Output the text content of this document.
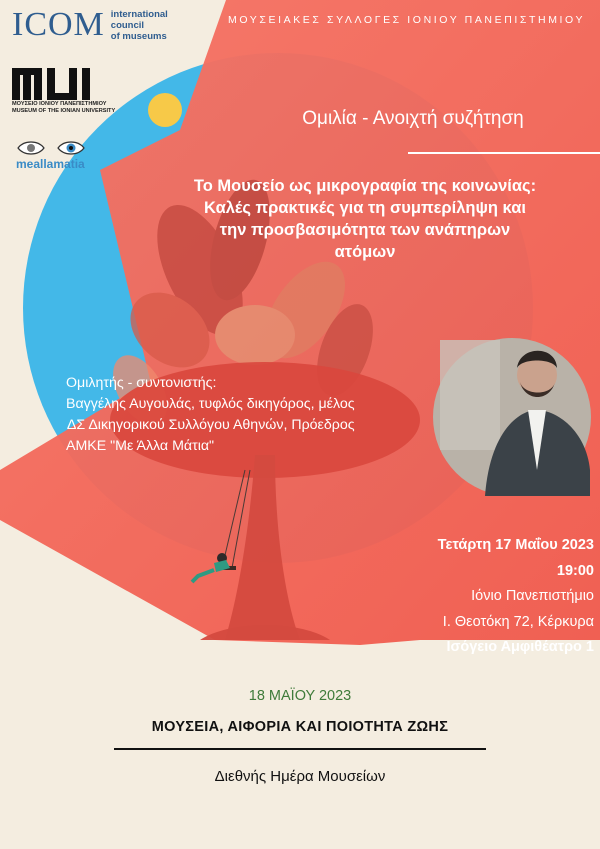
ΜΟΥΣΕΙΑΚΕΣ ΣΥΛΛΟΓΕΣ ΙΟΝΙΟΥ ΠΑΝΕΠΙΣΤΗΜΙΟΥ
ICOM international
council
of museums
ΜΟΥΣΕΙΟ ΙΟΝΙΟΥ ΠΑΝΕΠΙΣΤΗΜΙΟΥ
MUSEUM OF THE IONIAN UNIVERSITY
meallamatia
Ομιλία - Ανοιχτή συζήτηση
Το Μουσείο ως μικρογραφία της κοινωνίας:
Καλές πρακτικές για τη συμπερίληψη και
την προσβασιμότητα των ανάπηρων
ατόμων
Ομιλητής - συντονιστής:
Βαγγέλης Αυγουλάς, τυφλός δικηγόρος, μέλος
ΔΣ Δικηγορικού Συλλόγου Αθηνών, Πρόεδρος
ΑΜΚΕ "Με Άλλα Μάτια"
Τετάρτη 17 Μαΐου 2023
19:00
Ιόνιο Πανεπιστήμιο
Ι. Θεοτόκη 72, Κέρκυρα
Ισόγειο Αμφιθέατρο 1
18 ΜΑΪΟΥ 2023
ΜΟΥΣΕΙΑ, ΑΙΦΟΡΙΑ ΚΑΙ ΠΟΙΟΤΗΤΑ ΖΩΗΣ
Διεθνής Ημέρα Μουσείων
